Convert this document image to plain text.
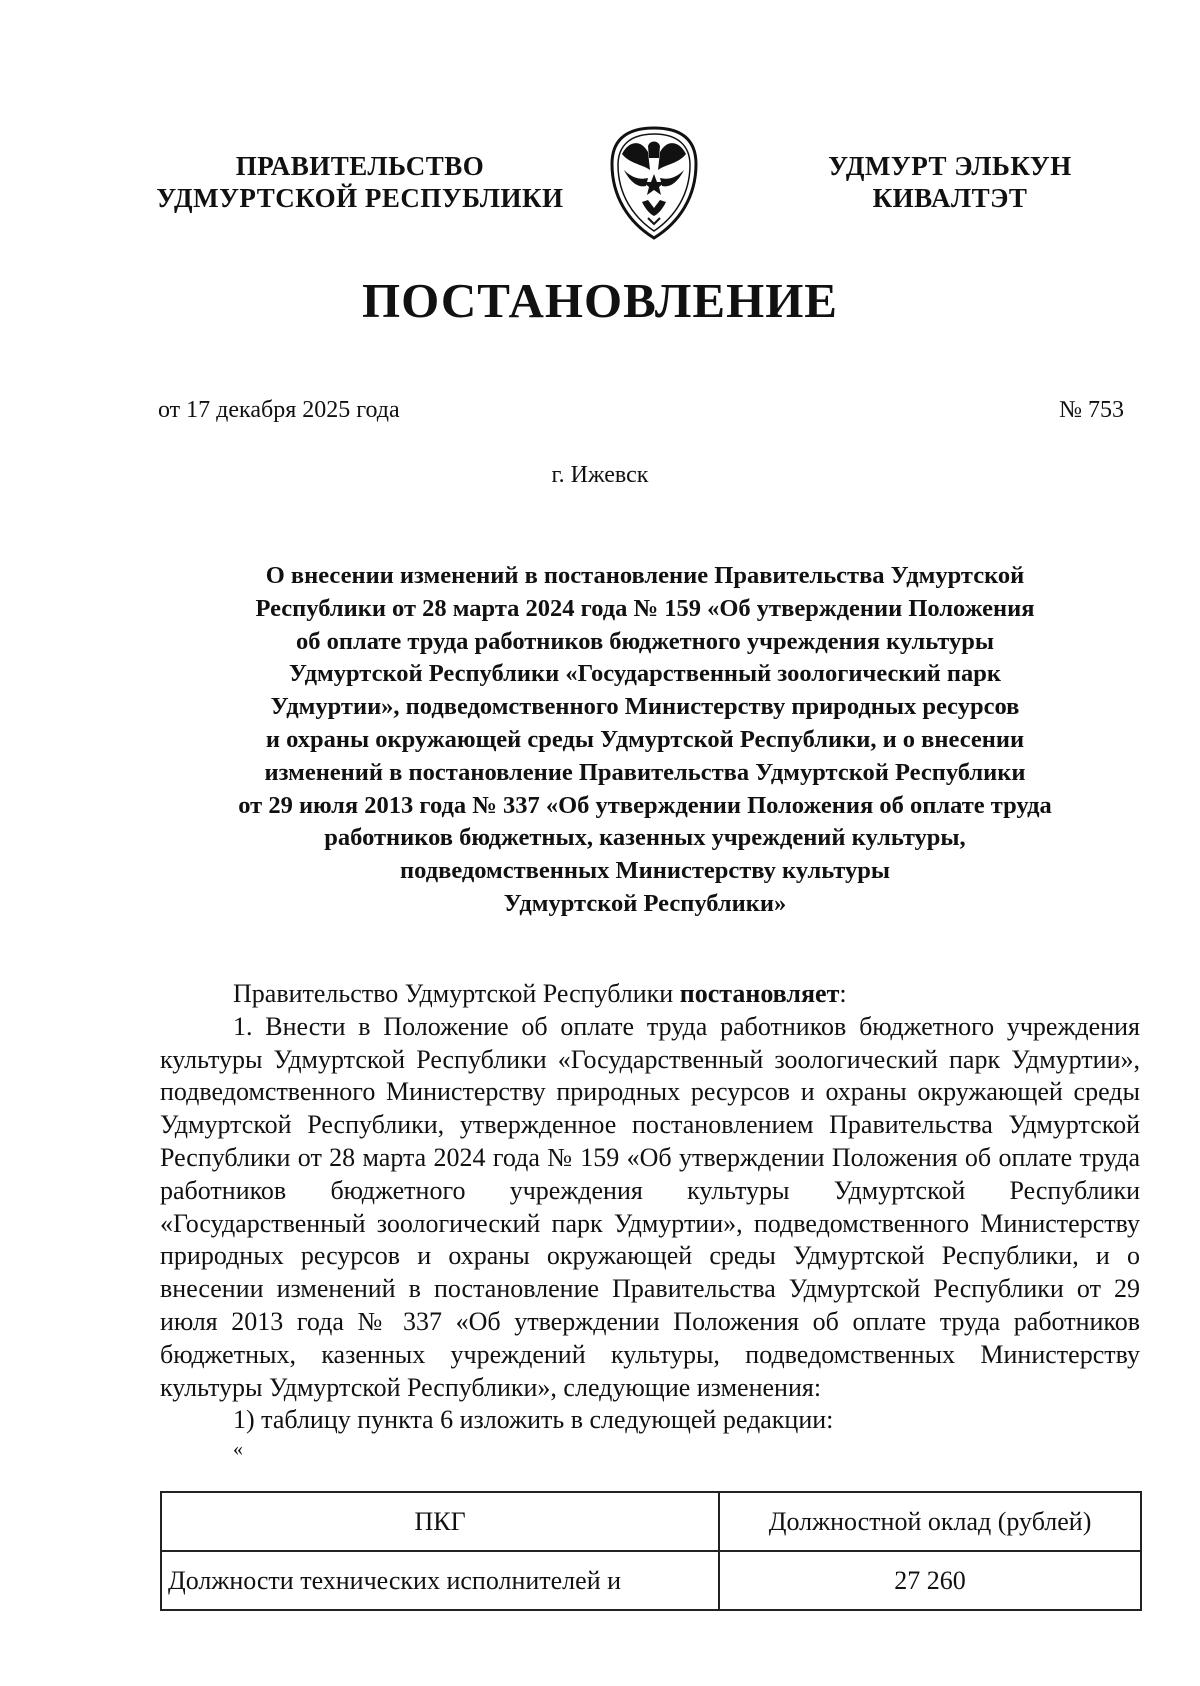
ПРАВИТЕЛЬСТВО
УДМУРТСКОЙ РЕСПУБЛИКИ
УДМУРТ ЭЛЬКУН
КИВАЛТЭТ
ПОСТАНОВЛЕНИЕ
от 17 декабря 2025 года	№ 753
г. Ижевск
О внесении изменений в постановление Правительства Удмуртской
Республики от 28 марта 2024 года № 159 «Об утверждении Положения
об оплате труда работников бюджетного учреждения культуры
Удмуртской Республики «Государственный зоологический парк
Удмуртии», подведомственного Министерству природных ресурсов
и охраны окружающей среды Удмуртской Республики, и о внесении
изменений в постановление Правительства Удмуртской Республики
от 29 июля 2013 года № 337 «Об утверждении Положения об оплате труда
работников бюджетных, казенных учреждений культуры,
подведомственных Министерству культуры
Удмуртской Республики»

Правительство Удмуртской Республики постановляет:

1. Внести в Положение об оплате труда работников бюджетного учреждения культуры Удмуртской Республики «Государственный зоологический парк Удмуртии», подведомственного Министерству природных ресурсов и охраны окружающей среды Удмуртской Республики, утвержденное постановлением Правительства Удмуртской Республики от 28 марта 2024 года № 159 «Об утверждении Положения об оплате труда работников бюджетного учреждения культуры Удмуртской Республики «Государственный зоологический парк Удмуртии», подведомственного Министерству природных ресурсов и охраны окружающей среды Удмуртской Республики, и о внесении изменений в постановление Правительства Удмуртской Республики от 29 июля 2013 года № 337 «Об утверждении Положения об оплате труда работников бюджетных, казенных учреждений культуры, подведомственных Министерству культуры Удмуртской Республики», следующие изменения:

1) таблицу пункта 6 изложить в следующей редакции:

«

ПКГ	Должностной оклад (рублей)
Должности технических исполнителей и	27 260
